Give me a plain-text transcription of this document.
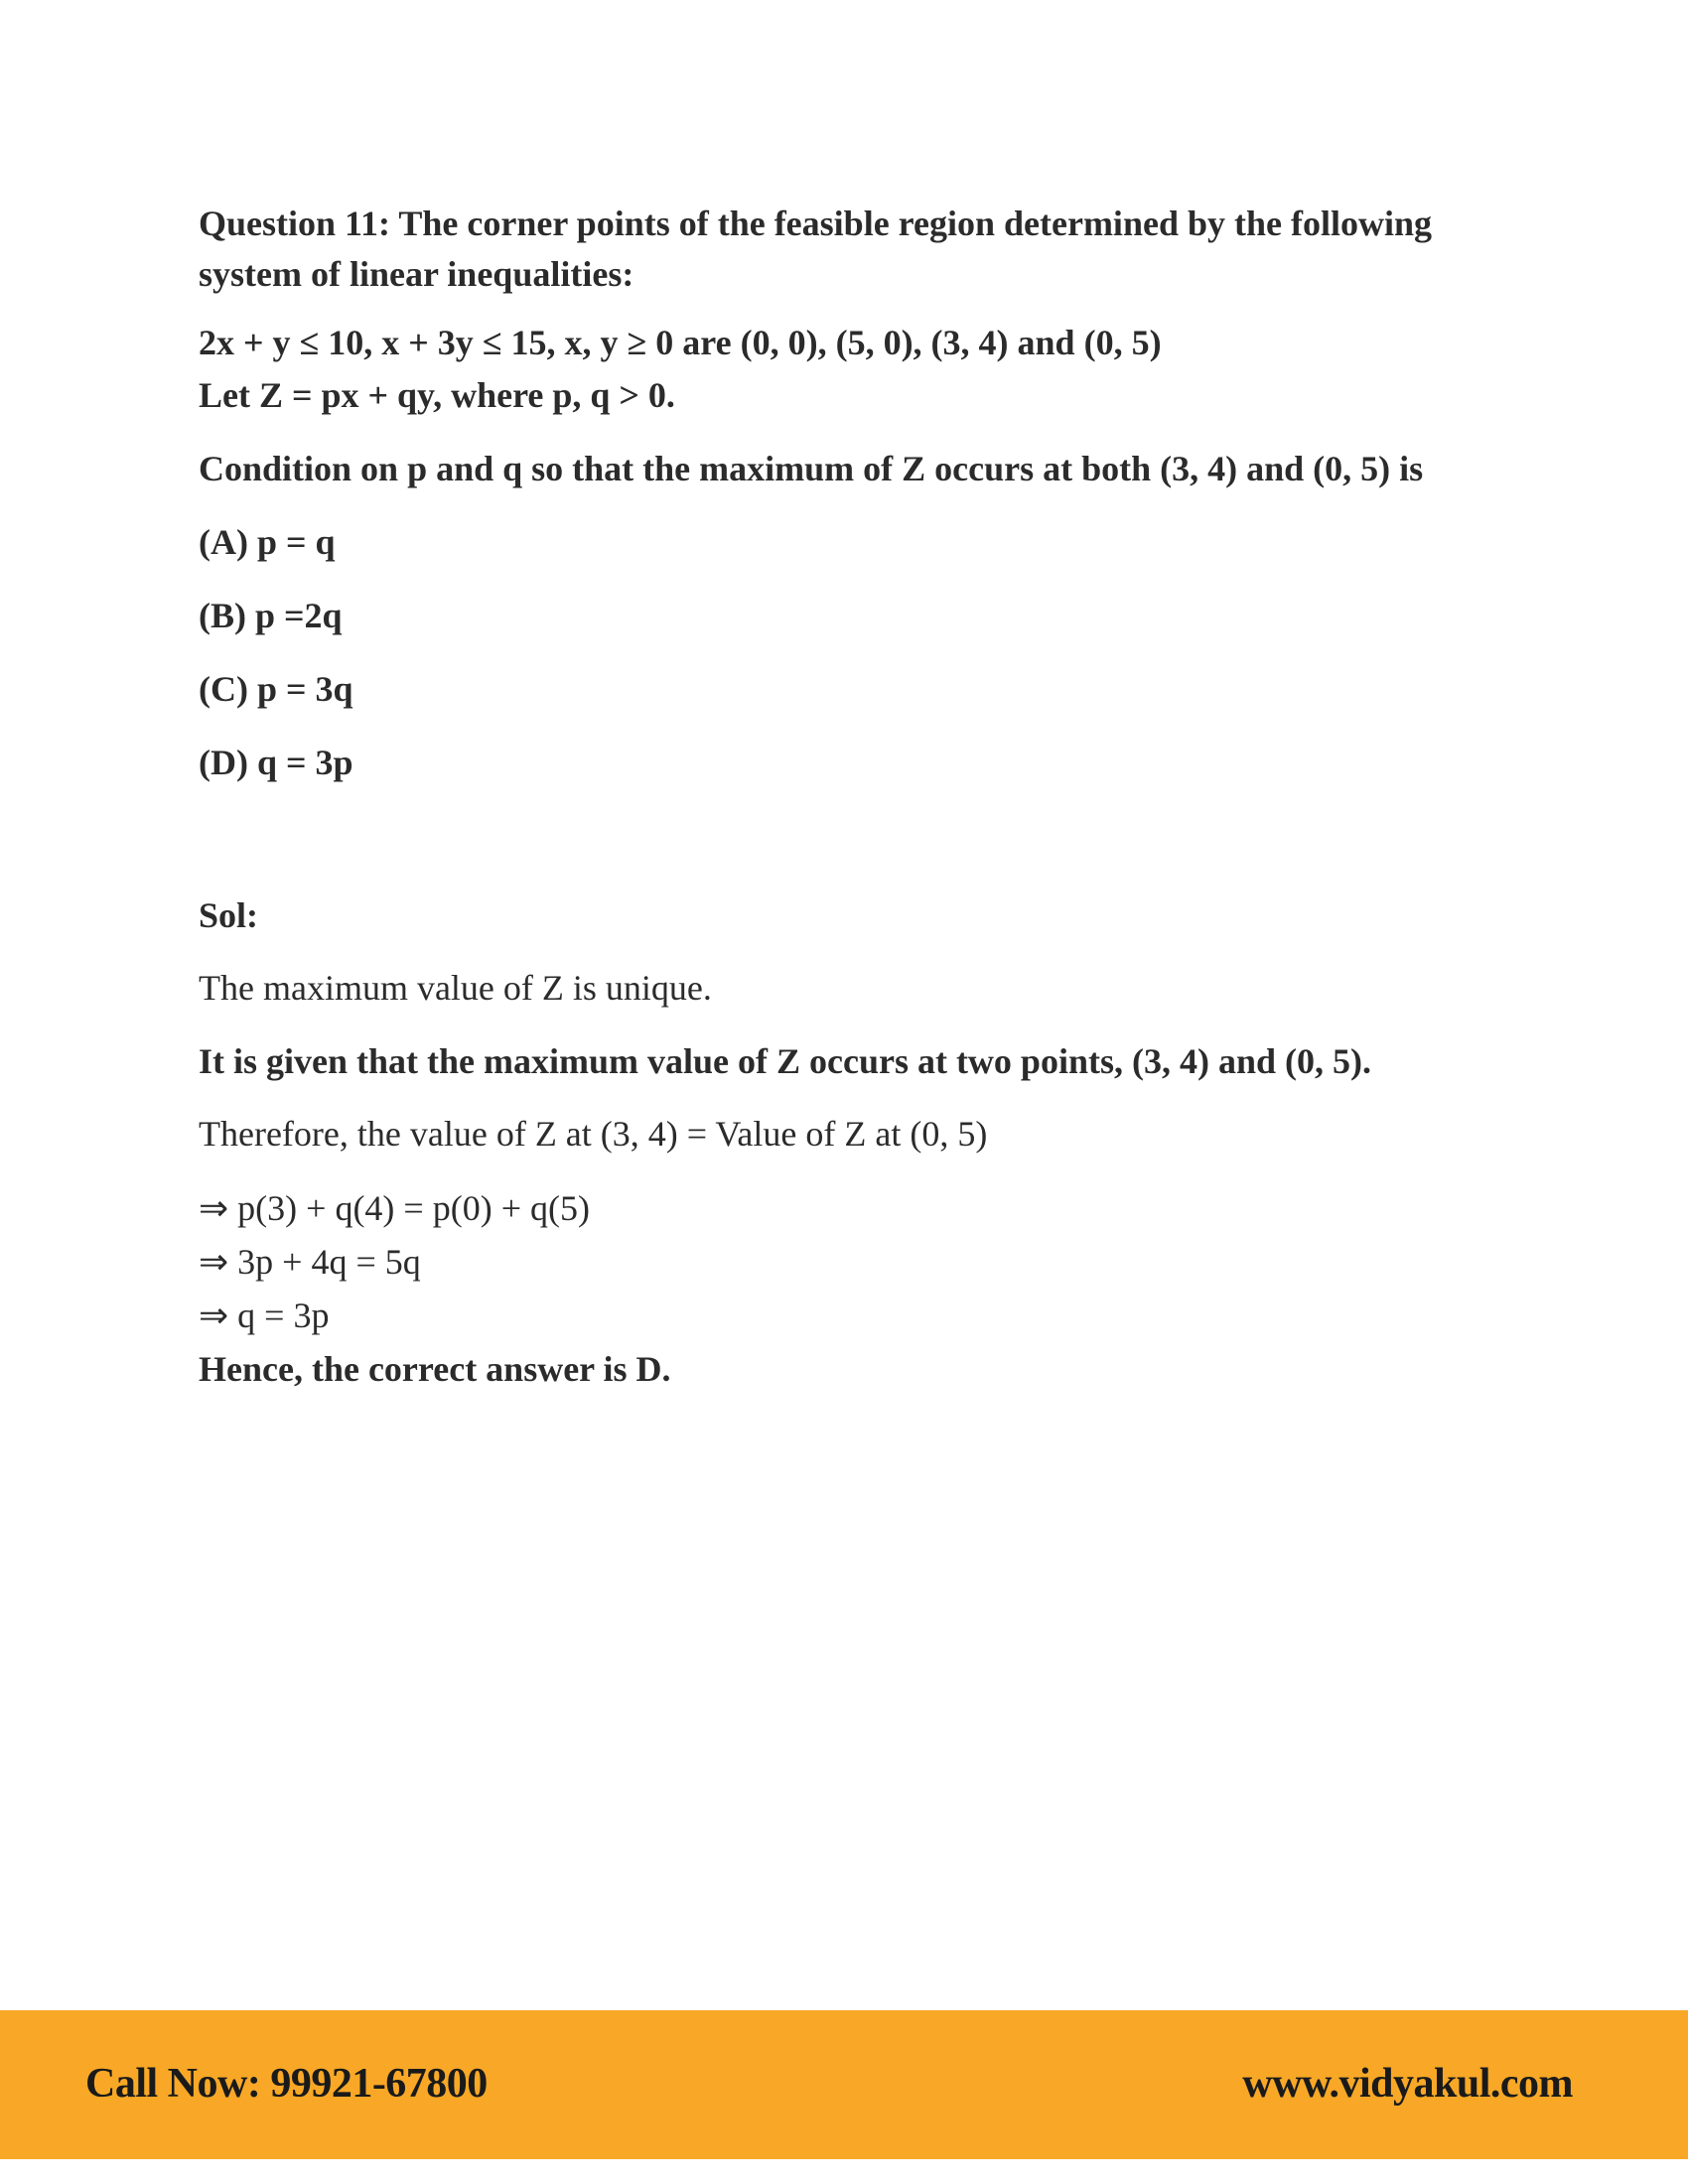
Question 11: The corner points of the feasible region determined by the following

system of linear inequalities:

2x + y ≤ 10, x + 3y ≤ 15, x, y ≥ 0 are (0, 0), (5, 0), (3, 4) and (0, 5)

Let Z = px + qy, where p, q > 0.

Condition on p and q so that the maximum of Z occurs at both (3, 4) and (0, 5) is

(A) p = q

(B) p =2q

(C) p = 3q

(D) q = 3p

Sol:

The maximum value of Z is unique.

It is given that the maximum value of Z occurs at two points, (3, 4) and (0, 5).

Therefore, the value of Z at (3, 4) = Value of Z at (0, 5)

⇒ p(3) + q(4) = p(0) + q(5)

⇒ 3p + 4q = 5q

⇒ q = 3p

Hence, the correct answer is D.

Call Now: 99921-67800	www.vidyakul.com
